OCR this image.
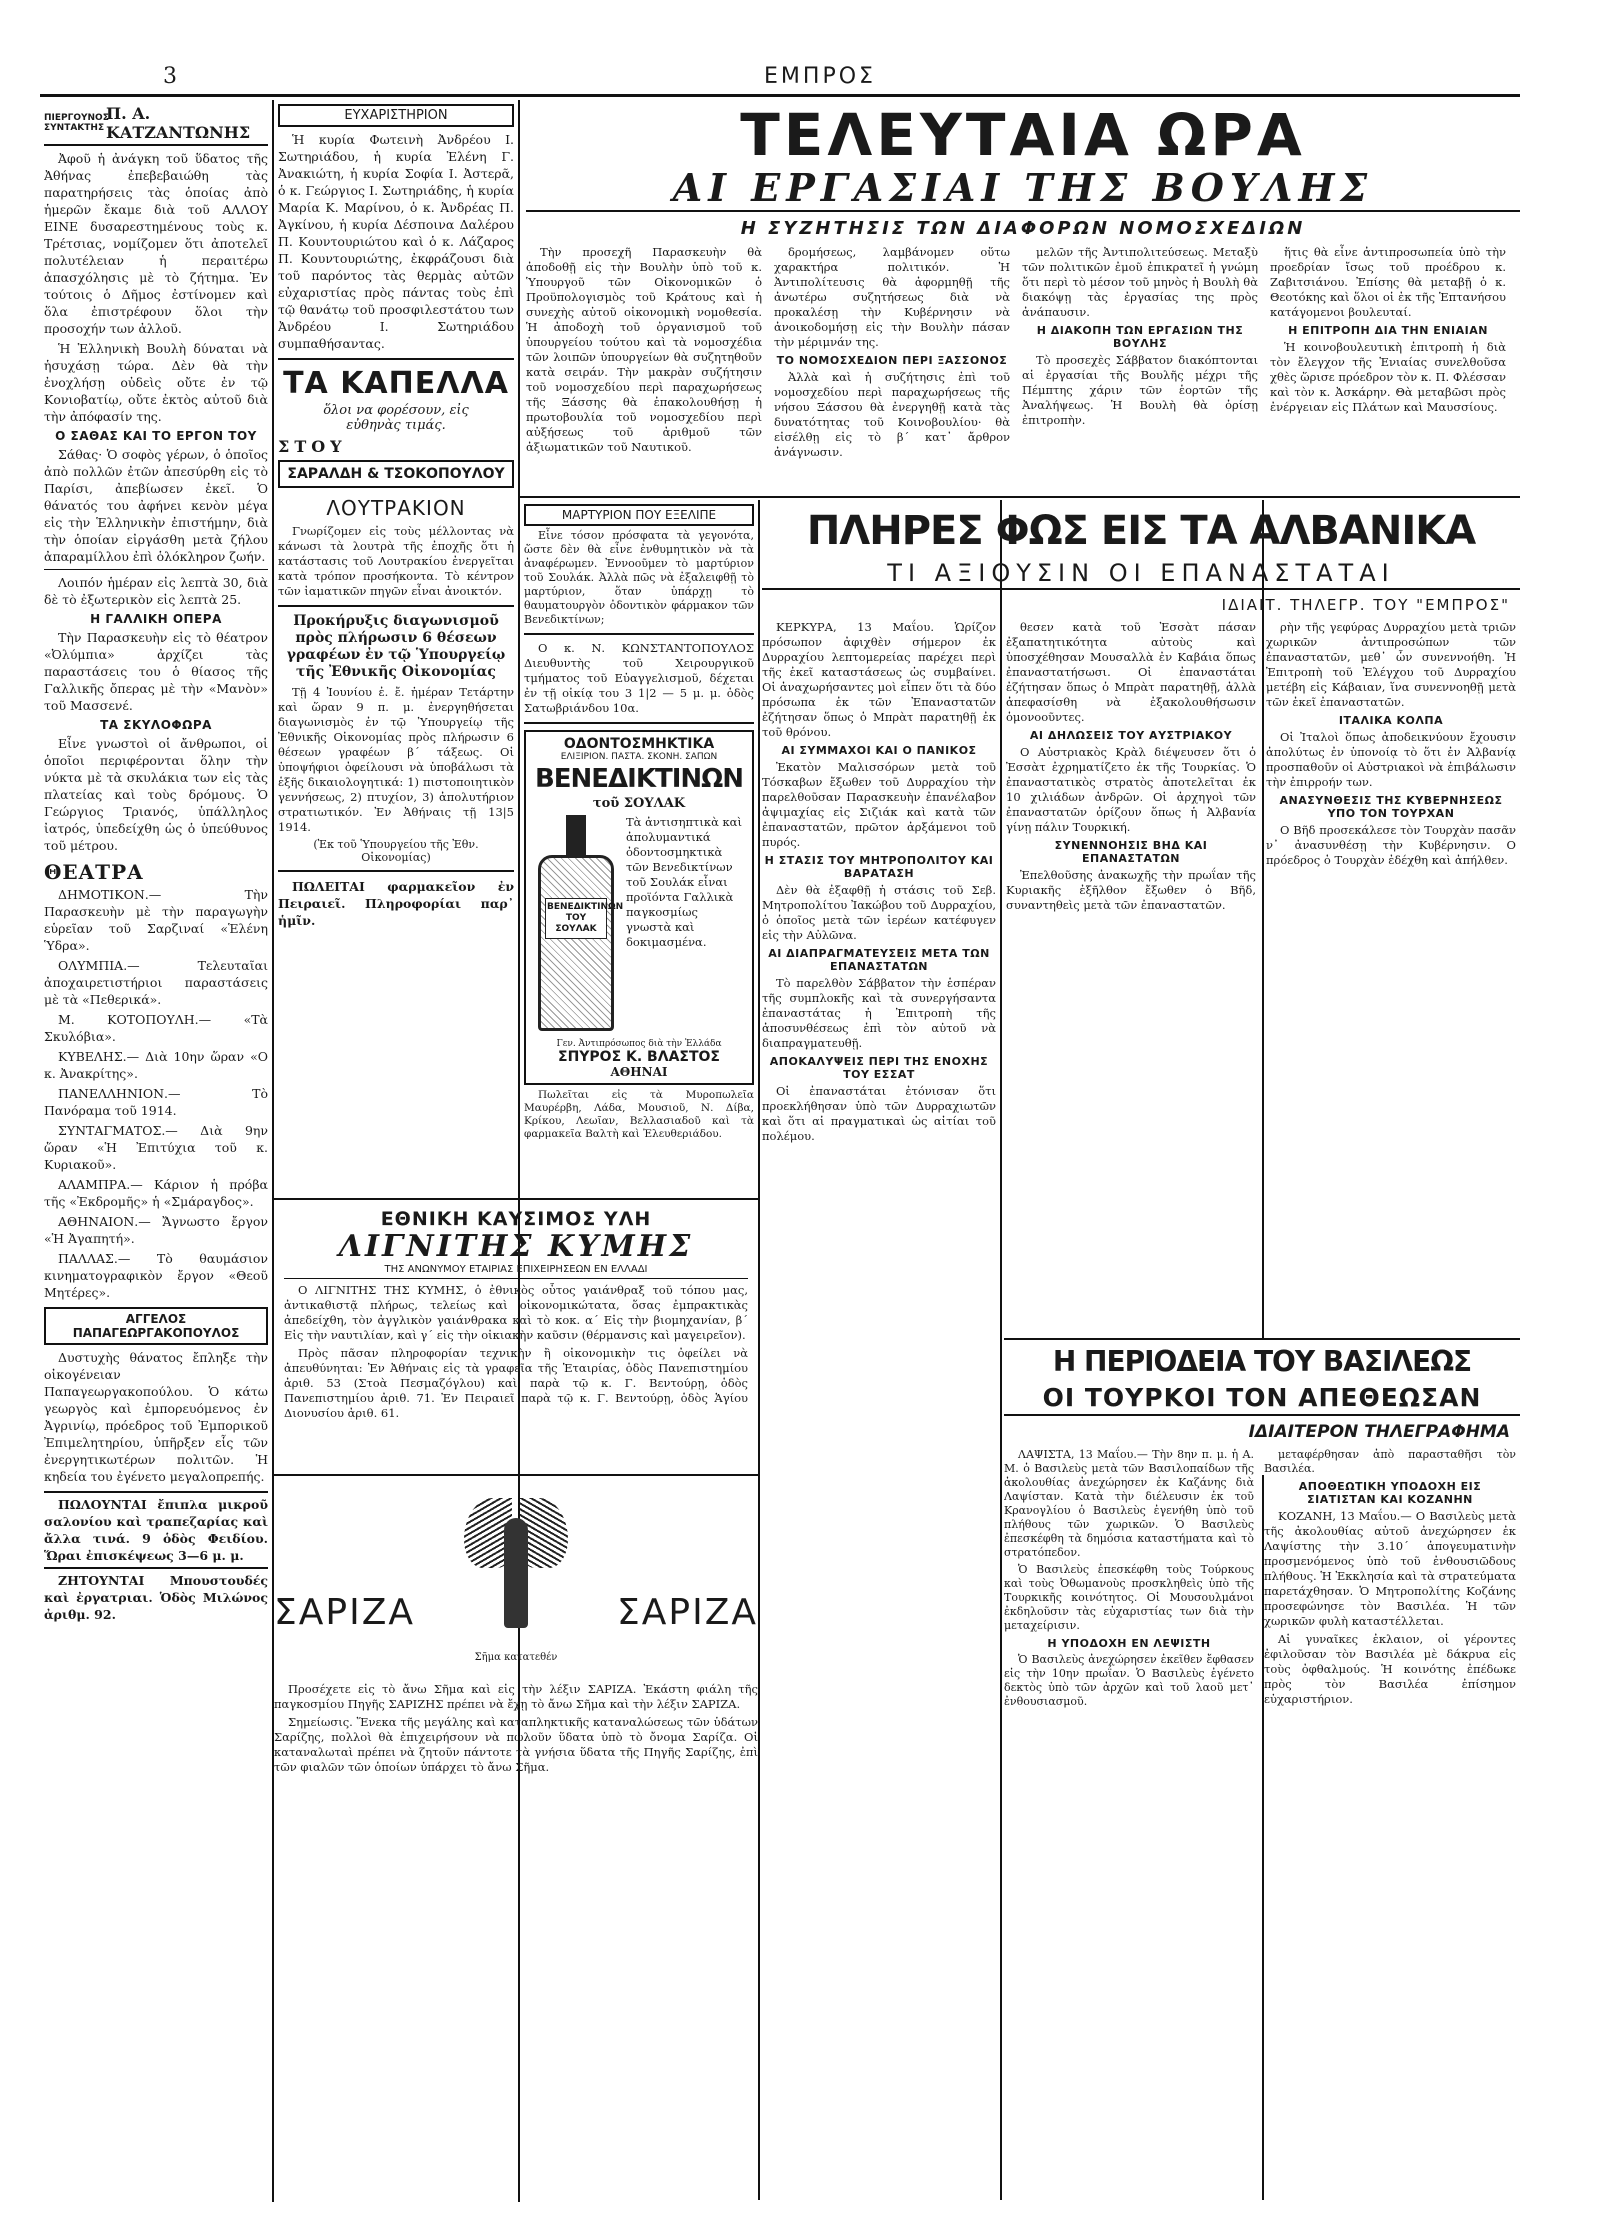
3	ΕΜΠΡΟΣ
ΠΙΕΡΓΟΥΝΟΣ ΣΥΝΤΑΚΤΗΣ
Π. Α. ΚΑΤΖΑΝΤΩΝΗΣ

Ἀφοῦ ἡ ἀνάγκη τοῦ ὕδατος τῆς Ἀθήνας ἐπεβεβαιώθη τὰς παρατηρήσεις τὰς ὁποίας ἀπὸ ἡμερῶν ἔκαμε διὰ τοῦ ΑΛΛΟΥ ΕΙΝΕ δυσαρεστημένους τοὺς κ. Τρέτσιας, νομίζομεν ὅτι ἀποτελεῖ πολυτέλειαν ἡ περαιτέρω ἀπασχόλησις μὲ τὸ ζήτημα. Ἐν τούτοις ὁ Δῆμος ἐστίνομεν καὶ ὅλα ἐπιστρέφουν ὅλοι τὴν προσοχήν των ἀλλοῦ.

Ἡ Ἑλληνικὴ Βουλὴ δύναται νὰ ἡσυχάσῃ τώρα. Δὲν θὰ τὴν ἐνοχλήσῃ οὐδεὶς οὔτε ἐν τῷ Κονιοβατίῳ, οὔτε ἐκτὸς αὐτοῦ διὰ τὴν ἀπόφασίν της.

Ο ΣΑΘΑΣ ΚΑΙ ΤΟ ΕΡΓΟΝ ΤΟΥ

Σάθας· Ὁ σοφὸς γέρων, ὁ ὁποῖος ἀπὸ πολλῶν ἐτῶν ἀπεσύρθη εἰς τὸ Παρίσι, ἀπεβίωσεν ἐκεῖ. Ὁ θάνατός του ἀφήνει κενὸν μέγα εἰς τὴν Ἑλληνικὴν ἐπιστήμην, διὰ τὴν ὁποίαν εἰργάσθη μετὰ ζήλου ἀπαραμίλλου ἐπὶ ὁλόκληρον ζωήν.

Λοιπόν ἡμέραν εἰς λεπτὰ 30, διὰ δὲ τὸ ἐξωτερικὸν εἰς λεπτὰ 25.

Η ΓΑΛΛΙΚΗ ΟΠΕΡΑ

Τὴν Παρασκευὴν εἰς τὸ θέατρον «Ὀλύμπια» ἀρχίζει τὰς παραστάσεις του ὁ θίασος τῆς Γαλλικῆς ὄπερας μὲ τὴν «Μανὸν» τοῦ Μασσενέ.

ΤΑ ΣΚΥΛΟΦΩΡΑ

Εἶνε γνωστοὶ οἱ ἄνθρωποι, οἱ ὁποῖοι περιφέρονται ὅλην τὴν νύκτα μὲ τὰ σκυλάκια των εἰς τὰς πλατείας καὶ τοὺς δρόμους. Ὁ Γεώργιος Τριανός, ὑπάλληλος ἰατρός, ὑπεδείχθη ὡς ὁ ὑπεύθυνος τοῦ μέτρου.

ΘΕΑΤΡΑ

ΔΗΜΟΤΙΚΟΝ.— Τὴν Παρασκευὴν μὲ τὴν παραγωγὴν εὑρεῖαν τοῦ Σαρζιναί «Ἑλένη Ὑδρα».

ΟΛΥΜΠΙΑ.— Τελευταῖαι ἀποχαιρετιστήριοι παραστάσεις μὲ τὰ «Πεθερικά».

Μ. ΚΟΤΟΠΟΥΛΗ.— «Τὰ Σκυλόβια».

ΚΥΒΕΛΗΣ.— Διὰ 10ην ὥραν «Ο κ. Ἀνακρίτης».

ΠΑΝΕΛΛΗΝΙΟΝ.— Τὸ Πανόραμα τοῦ 1914.

ΣΥΝΤΑΓΜΑΤΟΣ.— Διὰ 9ην ὥραν «Ἡ Ἐπιτύχια τοῦ κ. Κυριακοῦ».

ΑΛΑΜΠΡΑ.— Κάριον ἡ πρόβα τῆς «Ἐκδρομῆς» ἡ «Σμάραγδος».

ΑΘΗΝΑΙΟΝ.— Ἄγνωστο ἔργον «Ἡ Ἀγαπητή».

ΠΑΛΛΑΣ.— Τὸ θαυμάσιον κινηματογραφικὸν ἔργον «Θεοῦ Μητέρες».

ΑΓΓΕΛΟΣ ΠΑΠΑΓΕΩΡΓΑΚΟΠΟΥΛΟΣ

Δυστυχὴς θάνατος ἔπληξε τὴν οἰκογένειαν Παπαγεωργακοπούλου. Ὁ κάτω γεωργὸς καὶ ἐμπορευόμενος ἐν Ἀγρινίῳ, πρόεδρος τοῦ Ἐμπορικοῦ Ἐπιμελητηρίου, ὑπῆρξεν εἷς τῶν ἐνεργητικωτέρων πολιτῶν. Ἡ κηδεία του ἐγένετο μεγαλοπρεπής.

ΠΩΛΟΥΝΤΑΙ ἔπιπλα μικροῦ σαλονίου καὶ τραπεζαρίας καὶ ἄλλα τινά. 9 ὁδὸς Φειδίου. Ὥραι ἐπισκέψεως 3—6 μ. μ.

ΖΗΤΟΥΝΤΑΙ Μπουστουδές καὶ ἐργατριαι. Ὁδὸς Μιλώνος ἀριθμ. 92.

ΕΥΧΑΡΙΣΤΗΡΙΟΝ

Ἡ κυρία Φωτεινὴ Ἀνδρέου Ι. Σωτηριάδου, ἡ κυρία Ἑλένη Γ. Ἀνακιώτη, ἡ κυρία Σοφία Ι. Ἀστερᾶ, ὁ κ. Γεώργιος Ι. Σωτηριάδης, ἡ κυρία Μαρία Κ. Μαρίνου, ὁ κ. Ἀνδρέας Π. Ἀγκίνου, ἡ κυρία Δέσποινα Δαλέρου Π. Κουντουριώτου καὶ ὁ κ. Λάζαρος Π. Κουντουριώτης, ἐκφράζουσι διὰ τοῦ παρόντος τὰς θερμὰς αὐτῶν εὐχαριστίας πρὸς πάντας τοὺς ἐπὶ τῷ θανάτῳ τοῦ προσφιλεστάτου των Ἀνδρέου Ι. Σωτηριάδου συμπαθήσαντας.

ΤΑ ΚΑΠΕΛΛΑ
ὅλοι να φορέσουν, εἰς εὐθηνὰς τιμάς.
ΣΤΟΥ
ΣΑΡΑΛΔΗ & ΤΣΟΚΟΠΟΥΛΟΥ
ΛΟΥΤΡΑΚΙΟΝ

Γνωρίζομεν εἰς τοὺς μέλλοντας νὰ κάνωσι τὰ λουτρὰ τῆς ἐποχῆς ὅτι ἡ κατάστασις τοῦ Λουτρακίου ἐνεργεῖται κατὰ τρόπον προσήκοντα. Τὸ κέντρον τῶν ἰαματικῶν πηγῶν εἶναι ἀνοικτόν.

Προκήρυξις διαγωνισμοῦ πρὸς πλήρωσιν 6 θέσεων γραφέων ἐν τῷ Ὑπουργείῳ τῆς Ἐθνικῆς Οἰκονομίας

Τῇ 4 Ἰουνίου ἐ. ἔ. ἡμέραν Τετάρτην καὶ ὥραν 9 π. μ. ἐνεργηθήσεται διαγωνισμὸς ἐν τῷ Ὑπουργείῳ τῆς Ἐθνικῆς Οἰκονομίας πρὸς πλήρωσιν 6 θέσεων γραφέων β΄ τάξεως. Οἱ ὑποψήφιοι ὀφείλουσι νὰ ὑποβάλωσι τὰ ἑξῆς δικαιολογητικά: 1) πιστοποιητικὸν γεννήσεως, 2) πτυχίον, 3) ἀπολυτήριον στρατιωτικόν. Ἐν Ἀθήναις τῇ 13|5 1914.

(Ἐκ τοῦ Ὑπουργείου τῆς Ἐθν. Οἰκονομίας)

ΠΩΛΕΙΤΑΙ φαρμακεῖον ἐν Πειραιεῖ. Πληροφορίαι παρ᾽ ἡμῖν.

ΤΕΛΕΥΤΑΙΑ ΩΡΑ
ΑΙ ΕΡΓΑΣΙΑΙ ΤΗΣ ΒΟΥΛΗΣ
Η ΣΥΖΗΤΗΣΙΣ ΤΩΝ ΔΙΑΦΟΡΩΝ ΝΟΜΟΣΧΕΔΙΩΝ

Τὴν προσεχῆ Παρασκευὴν θὰ ἀποδοθῇ εἰς τὴν Βουλὴν ὑπὸ τοῦ κ. Ὑπουργοῦ τῶν Οἰκονομικῶν ὁ Προϋπολογισμὸς τοῦ Κράτους καὶ ἡ συνεχὴς αὐτοῦ οἰκονομικὴ νομοθεσία. Ἡ ἀποδοχὴ τοῦ ὀργανισμοῦ τοῦ ὑπουργείου τούτου καὶ τὰ νομοσχέδια τῶν λοιπῶν ὑπουργείων θὰ συζητηθοῦν κατὰ σειράν. Τὴν μακρὰν συζήτησιν τοῦ νομοσχεδίου περὶ παραχωρήσεως τῆς Ξάσσης θὰ ἐπακολουθήσῃ ἡ πρωτοβουλία τοῦ νομοσχεδίου περὶ αὐξήσεως τοῦ ἀριθμοῦ τῶν ἀξιωματικῶν τοῦ Ναυτικοῦ.

δρομήσεως, λαμβάνομεν οὕτω χαρακτήρα πολιτικόν. Ἡ Ἀντιπολίτευσις θὰ ἀφορμηθῇ τῆς ἀνωτέρω συζητήσεως διὰ νὰ προκαλέσῃ τὴν Κυβέρνησιν νὰ ἀνοικοδομήσῃ εἰς τὴν Βουλὴν πάσαν τὴν μέριμνάν της.

ΤΟ ΝΟΜΟΣΧΕΔΙΟΝ ΠΕΡΙ ΞΑΣΣΟΝΟΣ

Ἀλλὰ καὶ ἡ συζήτησις ἐπὶ τοῦ νομοσχεδίου περὶ παραχωρήσεως τῆς νήσου Ξάσσου θὰ ἐνεργηθῇ κατὰ τὰς δυνατότητας τοῦ Κοινοβουλίου· θὰ εἰσέλθῃ εἰς τὸ β΄ κατ᾽ ἄρθρον ἀνάγνωσιν.

μελῶν τῆς Ἀντιπολιτεύσεως. Μεταξὺ τῶν πολιτικῶν ἐμοῦ ἐπικρατεῖ ἡ γνώμη ὅτι περὶ τὸ μέσον τοῦ μηνὸς ἡ Βουλὴ θὰ διακόψῃ τὰς ἐργασίας της πρὸς ἀνάπαυσιν.

Η ΔΙΑΚΟΠΗ ΤΩΝ ΕΡΓΑΣΙΩΝ ΤΗΣ ΒΟΥΛΗΣ

Τὸ προσεχὲς Σάββατον διακόπτονται αἱ ἐργασίαι τῆς Βουλῆς μέχρι τῆς Πέμπτης χάριν τῶν ἑορτῶν τῆς Ἀναλήψεως. Ἡ Βουλὴ θὰ ὁρίσῃ ἐπιτροπὴν.

ἥτις θὰ εἶνε ἀντιπροσωπεία ὑπὸ τὴν προεδρίαν ἴσως τοῦ προέδρου κ. Ζαβιτσιάνου. Ἐπίσης θὰ μεταβῇ ὁ κ. Θεοτόκης καὶ ὅλοι οἱ ἐκ τῆς Ἑπτανήσου κατάγομενοι βουλευταί.

Η ΕΠΙΤΡΟΠΗ ΔΙΑ ΤΗΝ ΕΝΙΑΙΑΝ

Ἡ κοινοβουλευτικὴ ἐπιτροπὴ ἡ διὰ τὸν ἔλεγχον τῆς Ἑνιαίας συνελθοῦσα χθὲς ὥρισε πρόεδρον τὸν κ. Π. Φλέσσαν καὶ τὸν κ. Ἀσκάρην. Θὰ μεταβῶσι πρὸς ἐνέργειαν εἰς Πλάτων καὶ Μαυσσίους.

ΜΑΡΤΥΡΙΟΝ ΠΟΥ ΕΞΕΛΙΠΕ

Εἶνε τόσον πρόσφατα τὰ γεγονότα, ὥστε δὲν θὰ εἶνε ἐνθυμητικὸν νὰ τὰ ἀναφέρωμεν. Ἐννοοῦμεν τὸ μαρτύριον τοῦ Σουλάκ. Ἀλλὰ πῶς νὰ ἐξαλειφθῇ τὸ μαρτύριον, ὅταν ὑπάρχῃ τὸ θαυματουργὸν ὀδοντικὸν φάρμακον τῶν Βενεδικτίνων;

Ο κ. Ν. ΚΩΝΣΤΑΝΤΟΠΟΥΛΟΣ Διευθυντὴς τοῦ Χειρουργικοῦ τμήματος τοῦ Εὐαγγελισμοῦ, δέχεται ἐν τῇ οἰκίᾳ του 3 1|2 — 5 μ. μ. ὁδὸς Σατωβριάνδου 10α.

ΟΔΟΝΤΟΣΜΗΚΤΙΚΑ
ΕΛΙΞΙΡΙΟΝ. ΠΑΣΤΑ. ΣΚΟΝΗ. ΣΑΠΩΝ
ΒΕΝΕΔΙΚΤΙΝΩΝ
τοῦ ΣΟΥΛΑΚ
ΒΕΝΕΔΙΚΤΙΝΩΝ ΤΟΥ ΣΟΥΛΑΚ

Τὰ ἀντισηπτικὰ καὶ ἀπολυμαντικά ὀδοντοσμηκτικὰ τῶν Βενεδικτίνων τοῦ Σουλάκ εἶναι προϊόντα Γαλλικὰ παγκοσμίως γνωστὰ καὶ δοκιμασμένα.

Γεν. Ἀντιπρόσωπος διὰ τὴν Ἑλλάδα
ΣΠΥΡΟΣ Κ. ΒΛΑΣΤΟΣ
ΑΘΗΝΑΙ

Πωλεῖται εἰς τὰ Μυροπωλεῖα Μαυρέρβη, Λάδα, Μουσιοῦ, Ν. Δίβα, Κρίκου, Λεωῖαν, Βελλασιαδοῦ καὶ τὰ φαρμακεῖα Βαλτὴ καὶ Ἐλευθεριάδου.

ΕΘΝΙΚΗ ΚΑΥΣΙΜΟΣ ΥΛΗ
ΛΙΓΝΙΤΗΣ ΚΥΜΗΣ
ΤΗΣ ΑΝΩΝΥΜΟΥ ΕΤΑΙΡΙΑΣ ΕΠΙΧΕΙΡΗΣΕΩΝ ΕΝ ΕΛΛΑΔΙ

Ο ΛΙΓΝΙΤΗΣ ΤΗΣ ΚΥΜΗΣ, ὁ ἐθνικὸς οὗτος γαιάνθραξ τοῦ τόπου μας, ἀντικαθιστᾷ πλήρως, τελείως καὶ οἰκονομικώτατα, ὅσας ἐμπρακτικὰς ἀπεδείχθη, τὸν ἀγγλικὸν γαιάνθρακα καὶ τὸ κοκ. α΄ Εἰς τὴν βιομηχανίαν, β΄ Εἰς τὴν ναυτιλίαν, καὶ γ΄ εἰς τὴν οἰκιακὴν καῦσιν (θέρμανσις καὶ μαγειρεῖον).

Πρὸς πᾶσαν πληροφορίαν τεχνικὴν ἢ οἰκονομικὴν τις ὀφείλει νὰ ἀπευθύνηται: Ἐν Ἀθήναις εἰς τὰ γραφεῖα τῆς Ἑταιρίας, ὁδὸς Πανεπιστημίου ἀριθ. 53 (Στοὰ Πεσμαζόγλου) καὶ παρὰ τῷ κ. Γ. Βεντούρῃ, ὁδὸς Πανεπιστημίου ἀριθ. 71. Ἐν Πειραιεῖ παρὰ τῷ κ. Γ. Βεντούρῃ, ὁδὸς Ἁγίου Διονυσίου ἀριθ. 61.

ΣΑΡΙΖΑ	ΣΑΡΙΖΑ
Σῆμα κατατεθέν

Προσέχετε εἰς τὸ ἄνω Σῆμα καὶ εἰς τὴν λέξιν ΣΑΡΙΖΑ. Ἐκάστη φιάλη τῆς παγκοσμίου Πηγῆς ΣΑΡΙΖΗΣ πρέπει νὰ ἔχῃ τὸ ἄνω Σῆμα καὶ τὴν λέξιν ΣΑΡΙΖΑ.

Σημείωσις. Ἕνεκα τῆς μεγάλης καὶ καταπληκτικῆς καταναλώσεως τῶν ὑδάτων Σαρίζης, πολλοὶ θὰ ἐπιχειρήσουν νὰ πωλοῦν ὕδατα ὑπὸ τὸ ὄνομα Σαρίζα. Οἱ καταναλωταὶ πρέπει νὰ ζητοῦν πάντοτε τὰ γνήσια ὕδατα τῆς Πηγῆς Σαρίζης, ἐπὶ τῶν φιαλῶν τῶν ὁποίων ὑπάρχει τὸ ἄνω Σῆμα.

ΠΛΗΡΕΣ ΦΩΣ ΕΙΣ ΤΑ ΑΛΒΑΝΙΚΑ
ΤΙ ΑΞΙΟΥΣΙΝ ΟΙ ΕΠΑΝΑΣΤΑΤΑΙ
ΙΔΙΑΙΤ. ΤΗΛΕΓΡ. ΤΟΥ "ΕΜΠΡΟΣ"

ΚΕΡΚΥΡΑ, 13 Μαΐου. Ὡρίζον πρόσωπον ἀφιχθὲν σήμερον ἐκ Δυρραχίου λεπτομερείας παρέχει περὶ τῆς ἐκεῖ καταστάσεως ὡς συμβαίνει. Οἱ ἀναχωρήσαντες μοὶ εἶπεν ὅτι τὰ δύο πρόσωπα ἐκ τῶν Ἐπαναστατῶν ἐζήτησαν ὅπως ὁ Μπρὰτ παρατηθῇ ἐκ τοῦ θρόνου.

ΑΙ ΣΥΜΜΑΧΟΙ ΚΑΙ Ο ΠΑΝΙΚΟΣ

Ἐκατὸν Μαλισσόρων μετὰ τοῦ Τόσκαβων ἔξωθεν τοῦ Δυρραχίου τὴν παρελθοῦσαν Παρασκευὴν ἐπανέλαβον ἀψιμαχίας εἰς Σιζιάκ καὶ κατὰ τῶν ἐπαναστατῶν, πρῶτον ἀρξάμενοι τοῦ πυρός.

Η ΣΤΑΣΙΣ ΤΟΥ ΜΗΤΡΟΠΟΛΙΤΟΥ ΚΑΙ ΒΑΡΑΤΑΣΗ

Δὲν θὰ ἐξαφθῇ ἡ στάσις τοῦ Σεβ. Μητροπολίτου Ἰακώβου τοῦ Δυρραχίου, ὁ ὁποῖος μετὰ τῶν ἰερέων κατέφυγεν εἰς τὴν Αὐλῶνα.

ΑΙ ΔΙΑΠΡΑΓΜΑΤΕΥΣΕΙΣ ΜΕΤΑ ΤΩΝ ΕΠΑΝΑΣΤΑΤΩΝ

Τὸ παρελθὸν Σάββατον τὴν ἑσπέραν τῆς συμπλοκῆς καὶ τὰ συνεργήσαντα ἐπαναστάτας ἡ Ἐπιτροπὴ τῆς ἀποσυνθέσεως ἐπὶ τὸν αὐτοῦ νὰ διαπραγματευθῇ.

ΑΠΟΚΑΛΥΨΕΙΣ ΠΕΡΙ ΤΗΣ ΕΝΟΧΗΣ ΤΟΥ ΕΣΣΑΤ

Οἱ ἐπαναστάται ἐτόνισαν ὅτι προεκλήθησαν ὑπὸ τῶν Δυρραχιωτῶν καὶ ὅτι αἱ πραγματικαὶ ὡς αἰτίαι τοῦ πολέμου.

θεσεν κατὰ τοῦ Ἐσσὰτ πάσαν ἐξαπατητικότητα αὐτοὺς καὶ ὑποσχέθησαν Μουσαλλὰ ἐν Καβάια ὅπως ἐπαναστατήσωσι. Οἱ ἐπαναστάται ἐζήτησαν ὅπως ὁ Μπρὰτ παρατηθῇ, ἀλλὰ ἀπεφασίσθη νὰ ἐξακολουθήσωσιν ὁμονοοῦντες.

ΑΙ ΔΗΛΩΣΕΙΣ ΤΟΥ ΑΥΣΤΡΙΑΚΟΥ

Ο Αὐστριακὸς Κρὰλ διέψευσεν ὅτι ὁ Ἐσσὰτ ἐχρηματίζετο ἐκ τῆς Τουρκίας. Ὁ ἐπαναστατικὸς στρατὸς ἀποτελεῖται ἐκ 10 χιλιάδων ἀνδρῶν. Οἱ ἀρχηγοὶ τῶν ἐπαναστατῶν ὁρίζουν ὅπως ἡ Ἀλβανία γίνῃ πάλιν Τουρκική.

ΣΥΝΕΝΝΟΗΣΙΣ ΒΗΔ ΚΑΙ ΕΠΑΝΑΣΤΑΤΩΝ

Ἐπελθοῦσης ἀνακωχῆς τὴν πρωΐαν τῆς Κυριακῆς ἐξῆλθον ἔξωθεν ὁ Βῆδ, συναντηθεὶς μετὰ τῶν ἐπαναστατῶν.

ρὴν τῆς γεφύρας Δυρραχίου μετὰ τριῶν χωρικῶν ἀντιπροσώπων τῶν ἐπαναστατῶν, μεθ᾽ ὧν συνεννοήθη. Ἡ Ἐπιτροπὴ τοῦ Ἐλέγχου τοῦ Δυρραχίου μετέβη εἰς Κάβαιαν, ἵνα συνεννοηθῇ μετὰ τῶν ἐκεῖ ἐπαναστατῶν.

ΙΤΑΛΙΚΑ ΚΟΛΠΑ

Οἱ Ἰταλοὶ ὅπως ἀποδεικνύουν ἔχουσιν ἀπολύτως ἐν ὑπονοίᾳ τὸ ὅτι ἐν Ἀλβανίᾳ προσπαθοῦν οἱ Αὐστριακοὶ νὰ ἐπιβάλωσιν τὴν ἐπιρροήν των.

ΑΝΑΣΥΝΘΕΣΙΣ ΤΗΣ ΚΥΒΕΡΝΗΣΕΩΣ ΥΠΟ ΤΟΝ ΤΟΥΡΧΑΝ

Ο Βῆδ προσεκάλεσε τὸν Τουρχὰν πασᾶν ν᾽ ἀνασυνθέσῃ τὴν Κυβέρνησιν. Ο πρόεδρος ὁ Τουρχὰν ἐδέχθη καὶ ἀπήλθεν.

Η ΠΕΡΙΟΔΕΙΑ ΤΟΥ ΒΑΣΙΛΕΩΣ
ΟΙ ΤΟΥΡΚΟΙ ΤΟΝ ΑΠΕΘΕΩΣΑΝ
ΙΔΙΑΙΤΕΡΟΝ ΤΗΛΕΓΡΑΦΗΜΑ

ΛΑΨΙΣΤΑ, 13 Μαΐου.— Τὴν 8ην π. μ. ἡ Α. Μ. ὁ Βασιλεὺς μετὰ τῶν Βασιλοπαίδων τῆς ἀκολουθίας ἀνεχώρησεν ἐκ Καζάνης διὰ Λαψίσταν. Κατὰ τὴν διέλευσιν ἐκ τοῦ Κρανογλίου ὁ Βασιλεὺς ἐγενήθη ὑπὸ τοῦ πλήθους τῶν χωρικῶν. Ὁ Βασιλεὺς ἐπεσκέφθη τὰ δημόσια καταστήματα καὶ τὸ στρατόπεδον.

Ὁ Βασιλεὺς ἐπεσκέφθη τοὺς Τούρκους καὶ τοὺς Ὀθωμανοὺς προσκληθεὶς ὑπὸ τῆς Τουρκικῆς κοινότητος. Οἱ Μουσουλμάνοι ἐκδηλοῦσιν τὰς εὐχαριστίας των διὰ τὴν μεταχείρισιν.

Η ΥΠΟΔΟΧΗ ΕΝ ΛΕΨΙΣΤΗ

Ὁ Βασιλεὺς ἀνεχώρησεν ἐκεῖθεν ἔφθασεν εἰς τὴν 10ην πρωΐαν. Ὁ Βασιλεὺς ἐγένετο δεκτὸς ὑπὸ τῶν ἀρχῶν καὶ τοῦ λαοῦ μετ᾽ ἐνθουσιασμοῦ.

μεταφέρθησαν ἀπὸ παρασταθῆσι τὸν Βασιλέα.

ΑΠΟΘΕΩΤΙΚΗ ΥΠΟΔΟΧΗ ΕΙΣ ΣΙΑΤΙΣΤΑΝ ΚΑΙ ΚΟΖΑΝΗΝ

ΚΟΖΑΝΗ, 13 Μαΐου.— Ο Βασιλεὺς μετὰ τῆς ἀκολουθίας αὐτοῦ ἀνεχώρησεν ἐκ Λαψίστης τὴν 3.10΄ ἀπογευματινὴν προσμενόμενος ὑπὸ τοῦ ἐνθουσιῶδους πλήθους. Ἡ Ἐκκλησία καὶ τὰ στρατεύματα παρετάχθησαν. Ὁ Μητροπολίτης Κοζάνης προσεφώνησε τὸν Βασιλέα. Ἡ τῶν χωρικῶν φυλὴ καταστέλλεται.

Αἱ γυναῖκες ἐκλαιον, οἱ γέροντες ἐφιλοῦσαν τὸν Βασιλέα μὲ δάκρυα εἰς τοὺς ὀφθαλμούς. Ἡ κοινότης ἐπέδωκε πρὸς τὸν Βασιλέα ἐπίσημον εὐχαριστήριον.
